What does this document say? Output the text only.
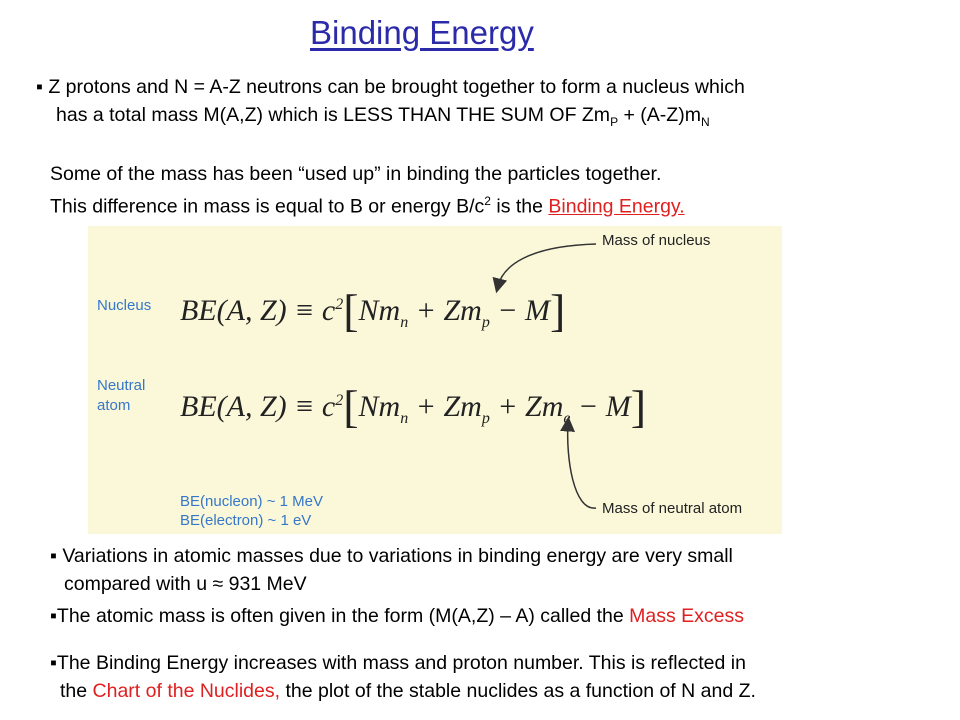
Binding Energy
▪ Z protons and N = A-Z neutrons can be brought together to form a nucleus which
has a total mass M(A,Z) which is LESS THAN THE SUM OF $Zm_P + (A-Z)m_N$
Some of the mass has been “used up” in binding the particles together.
This difference in mass is equal to B or energy $B/c^2$ is the Binding Energy.
Nucleus
Neutral
atom
BE(A, $Z) \equiv c^2[Nm_n + Zm_p - M]$
BE(A, $Z) \equiv c^2[Nm_n + Zm_p + Zm_e - M]$
Mass of nucleus
Mass of neutral atom
BE(nucleon) ~ 1 MeV
BE(electron) ~ 1 eV
▪ Variations in atomic masses due to variations in binding energy are very small
compared with u ≈ 931 MeV
▪The atomic mass is often given in the form (M(A,Z) – A) called the Mass Excess
▪The Binding Energy increases with mass and proton number. This is reflected in
the Chart of the Nuclides, the plot of the stable nuclides as a function of N and Z.
